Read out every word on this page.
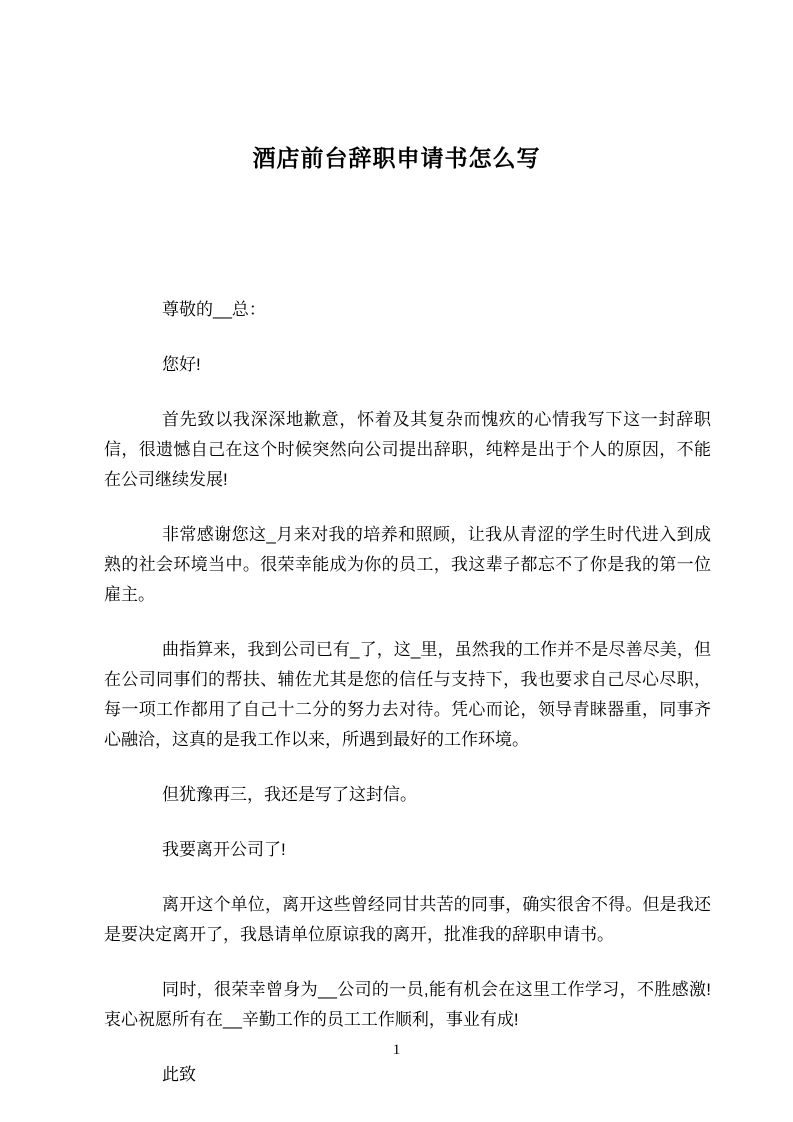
酒店前台辞职申请书怎么写

尊敬的__总：

您好!

首先致以我深深地歉意，怀着及其复杂而愧疚的心情我写下这一封辞职信，很遗憾自己在这个时候突然向公司提出辞职，纯粹是出于个人的原因，不能在公司继续发展!

非常感谢您这_月来对我的培养和照顾，让我从青涩的学生时代进入到成熟的社会环境当中。很荣幸能成为你的员工，我这辈子都忘不了你是我的第一位雇主。

曲指算来，我到公司已有_了，这_里，虽然我的工作并不是尽善尽美，但在公司同事们的帮扶、辅佐尤其是您的信任与支持下，我也要求自己尽心尽职，每一项工作都用了自己十二分的努力去对待。凭心而论，领导青睐器重，同事齐心融洽，这真的是我工作以来，所遇到最好的工作环境。

但犹豫再三，我还是写了这封信。

我要离开公司了!

离开这个单位，离开这些曾经同甘共苦的同事，确实很舍不得。但是我还是要决定离开了，我恳请单位原谅我的离开，批准我的辞职申请书。

同时，很荣幸曾身为__公司的一员,能有机会在这里工作学习，不胜感激!衷心祝愿所有在__辛勤工作的员工工作顺利，事业有成!

此致

1
